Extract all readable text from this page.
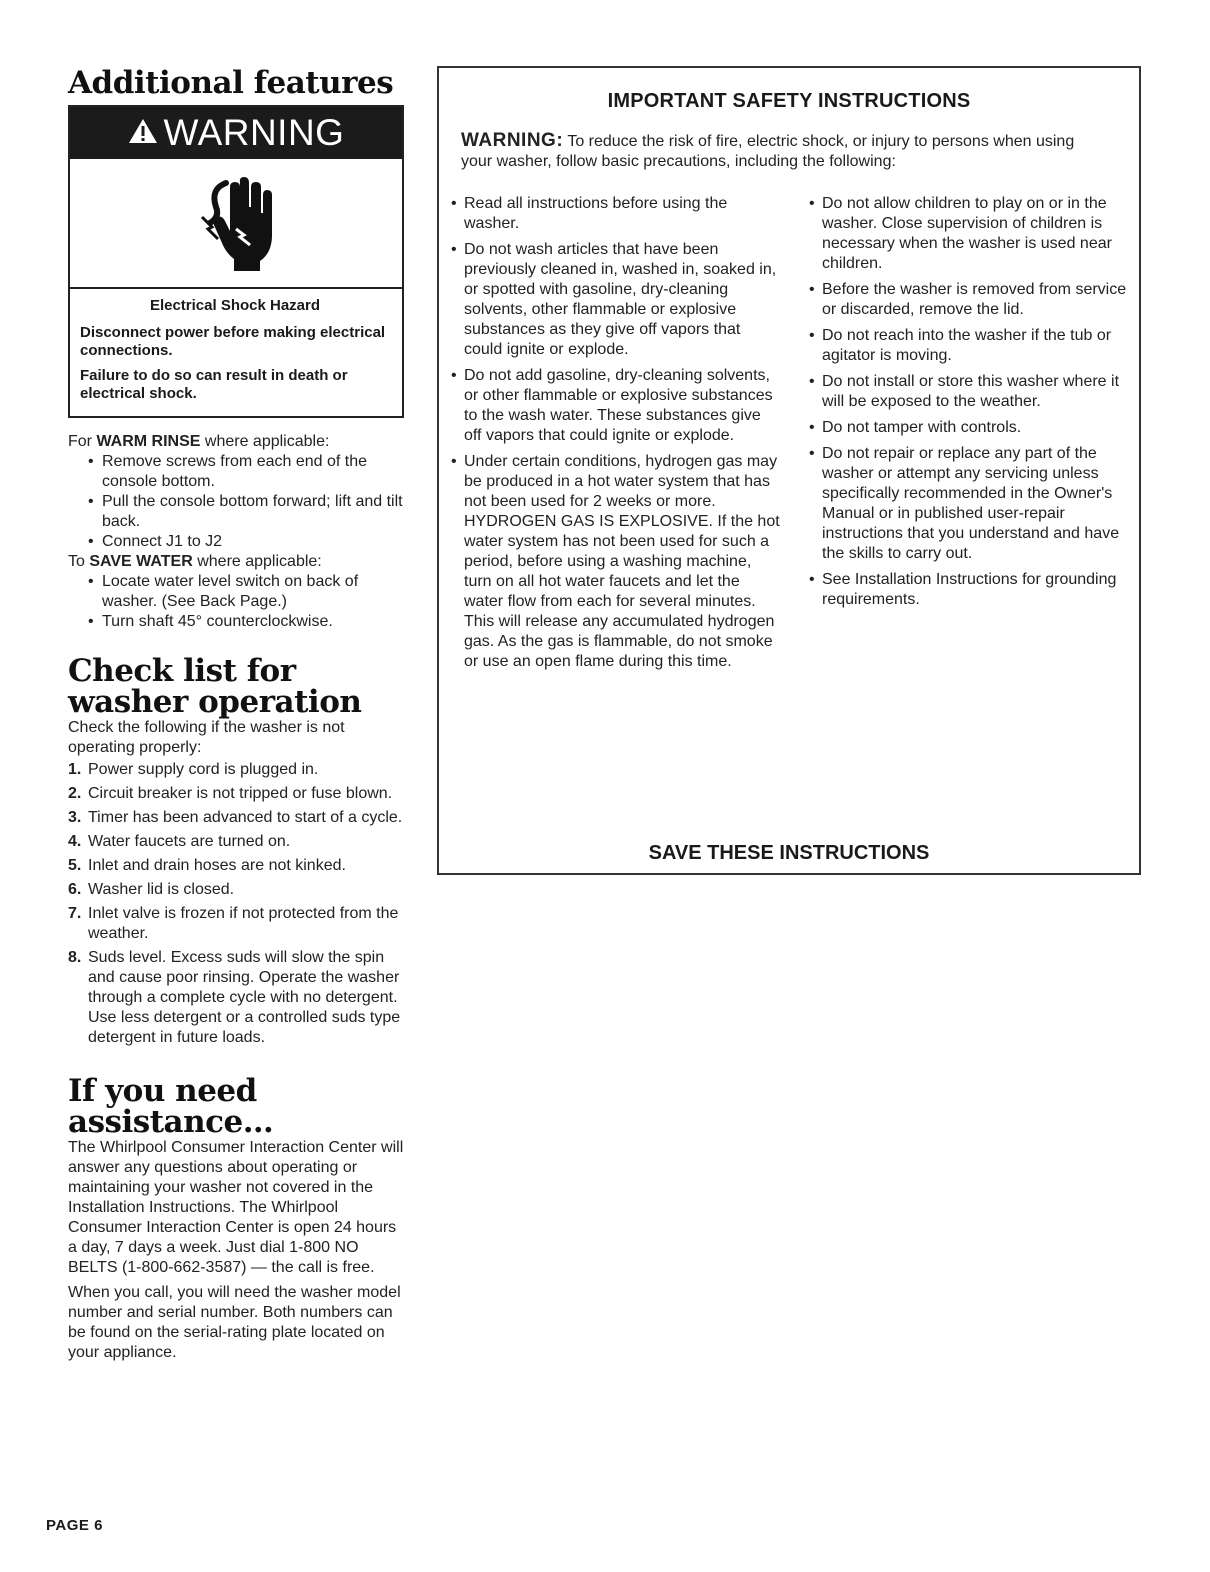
Additional features
WARNING

Electrical Shock Hazard

Disconnect power before making electrical connections.

Failure to do so can result in death or electrical shock.

For WARM RINSE where applicable:

• Remove screws from each end of the console bottom.
• Pull the console bottom forward; lift and tilt back.
• Connect J1 to J2

To SAVE WATER where applicable:

• Locate water level switch on back of washer. (See Back Page.)
• Turn shaft 45° counterclockwise.
Check list for washer operation

Check the following if the washer is not operating properly:

1. Power supply cord is plugged in.
2. Circuit breaker is not tripped or fuse blown.
3. Timer has been advanced to start of a cycle.
4. Water faucets are turned on.
5. Inlet and drain hoses are not kinked.
6. Washer lid is closed.
7. Inlet valve is frozen if not protected from the weather.
8. Suds level. Excess suds will slow the spin and cause poor rinsing. Operate the washer through a complete cycle with no detergent. Use less detergent or a controlled suds type detergent in future loads.
If you need assistance…

The Whirlpool Consumer Interaction Center will answer any questions about operating or maintaining your washer not covered in the Installation Instructions. The Whirlpool Consumer Interaction Center is open 24 hours a day, 7 days a week. Just dial 1-800 NO BELTS (1-800-662-3587) — the call is free.

When you call, you will need the washer model number and serial number. Both numbers can be found on the serial-rating plate located on your appliance.

PAGE 6
IMPORTANT SAFETY INSTRUCTIONS

WARNING: To reduce the risk of fire, electric shock, or injury to persons when using your washer, follow basic precautions, including the following:

• Read all instructions before using the washer.
• Do not wash articles that have been previously cleaned in, washed in, soaked in, or spotted with gasoline, dry-cleaning solvents, other flammable or explosive substances as they give off vapors that could ignite or explode.
• Do not add gasoline, dry-cleaning solvents, or other flammable or explosive substances to the wash water. These substances give off vapors that could ignite or explode.
• Under certain conditions, hydrogen gas may be produced in a hot water system that has not been used for 2 weeks or more. HYDROGEN GAS IS EXPLOSIVE. If the hot water system has not been used for such a period, before using a washing machine, turn on all hot water faucets and let the water flow from each for several minutes. This will release any accumulated hydrogen gas. As the gas is flammable, do not smoke or use an open flame during this time.
• Do not allow children to play on or in the washer. Close supervision of children is necessary when the washer is used near children.
• Before the washer is removed from service or discarded, remove the lid.
• Do not reach into the washer if the tub or agitator is moving.
• Do not install or store this washer where it will be exposed to the weather.
• Do not tamper with controls.
• Do not repair or replace any part of the washer or attempt any servicing unless specifically recommended in the Owner's Manual or in published user-repair instructions that you understand and have the skills to carry out.
• See Installation Instructions for grounding requirements.
SAVE THESE INSTRUCTIONS
